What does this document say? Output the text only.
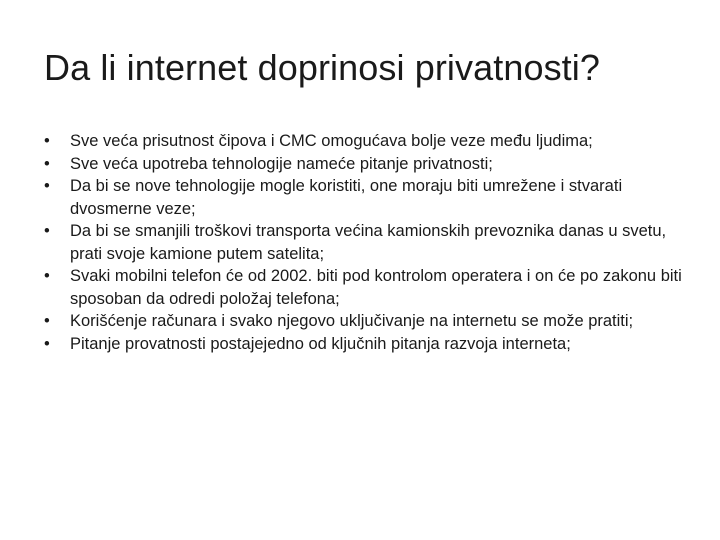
Da li internet doprinosi privatnosti?
•	Sve veća prisutnost čipova i CMC omogućava bolje veze među ljudima;
•	Sve veća upotreba tehnologije nameće pitanje privatnosti;
•	Da bi se nove tehnologije mogle koristiti, one moraju biti umrežene i stvarati dvosmerne veze;
•	Da bi se smanjili troškovi transporta većina kamionskih prevoznika danas u svetu, prati svoje kamione putem satelita;
•	Svaki mobilni telefon će od 2002. biti pod kontrolom operatera i on će po zakonu biti sposoban da odredi položaj telefona;
•	Korišćenje računara i svako njegovo uključivanje na internetu se može pratiti;
•	Pitanje provatnosti postajejedno od ključnih pitanja razvoja interneta;
